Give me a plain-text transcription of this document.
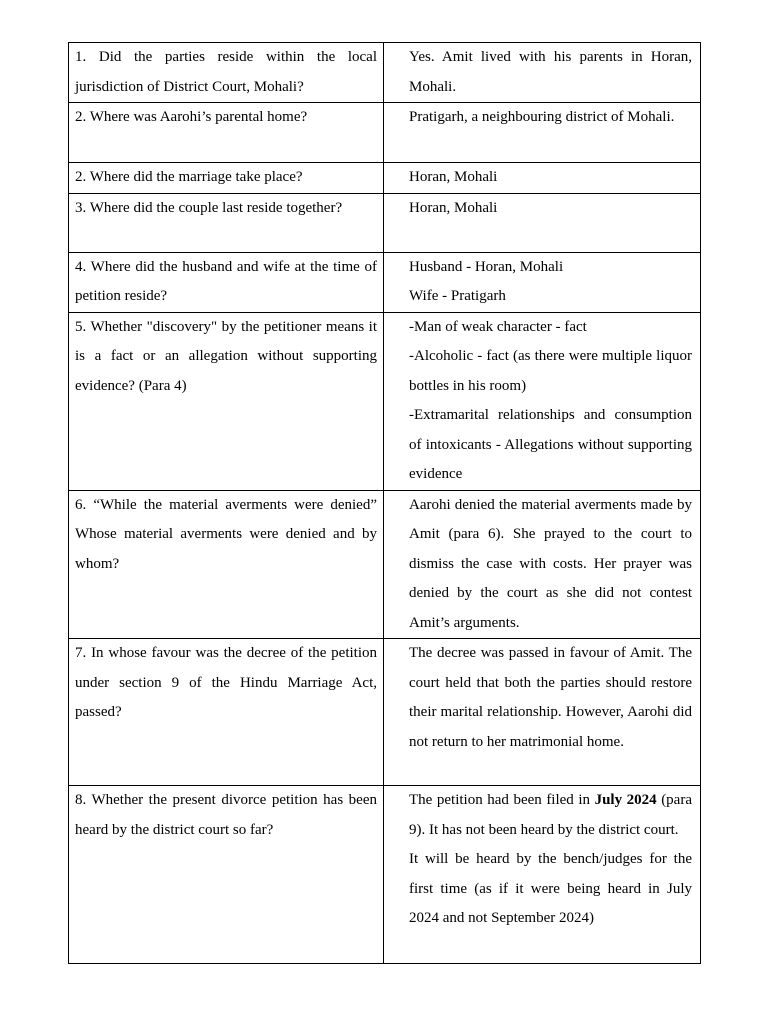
1. Did the parties reside within the local jurisdiction of District Court, Mohali?	Yes. Amit lived with his parents in Horan, Mohali.

2. Where was Aarohi’s parental home?	Pratigarh, a neighbouring district of Mohali.

2. Where did the marriage take place?	Horan, Mohali

3. Where did the couple last reside together?	Horan, Mohali

4. Where did the husband and wife at the time of petition reside?	Husband - Horan, Mohali
Wife - Pratigarh

5. Whether "discovery" by the petitioner means it is a fact or an allegation without supporting evidence? (Para 4)	-Man of weak character - fact
-Alcoholic - fact (as there were multiple liquor bottles in his room)
-Extramarital relationships and consumption of intoxicants - Allegations without supporting evidence

6. “While the material averments were denied” Whose material averments were denied and by whom?	Aarohi denied the material averments made by Amit (para 6). She prayed to the court to dismiss the case with costs. Her prayer was denied by the court as she did not contest Amit’s arguments.

7. In whose favour was the decree of the petition under section 9 of the Hindu Marriage Act, passed?	The decree was passed in favour of Amit. The court held that both the parties should restore their marital relationship. However, Aarohi did not return to her matrimonial home.

8. Whether the present divorce petition has been heard by the district court so far?	The petition had been filed in July 2024 (para 9). It has not been heard by the district court.
It will be heard by the bench/judges for the first time (as if it were being heard in July 2024 and not September 2024)
